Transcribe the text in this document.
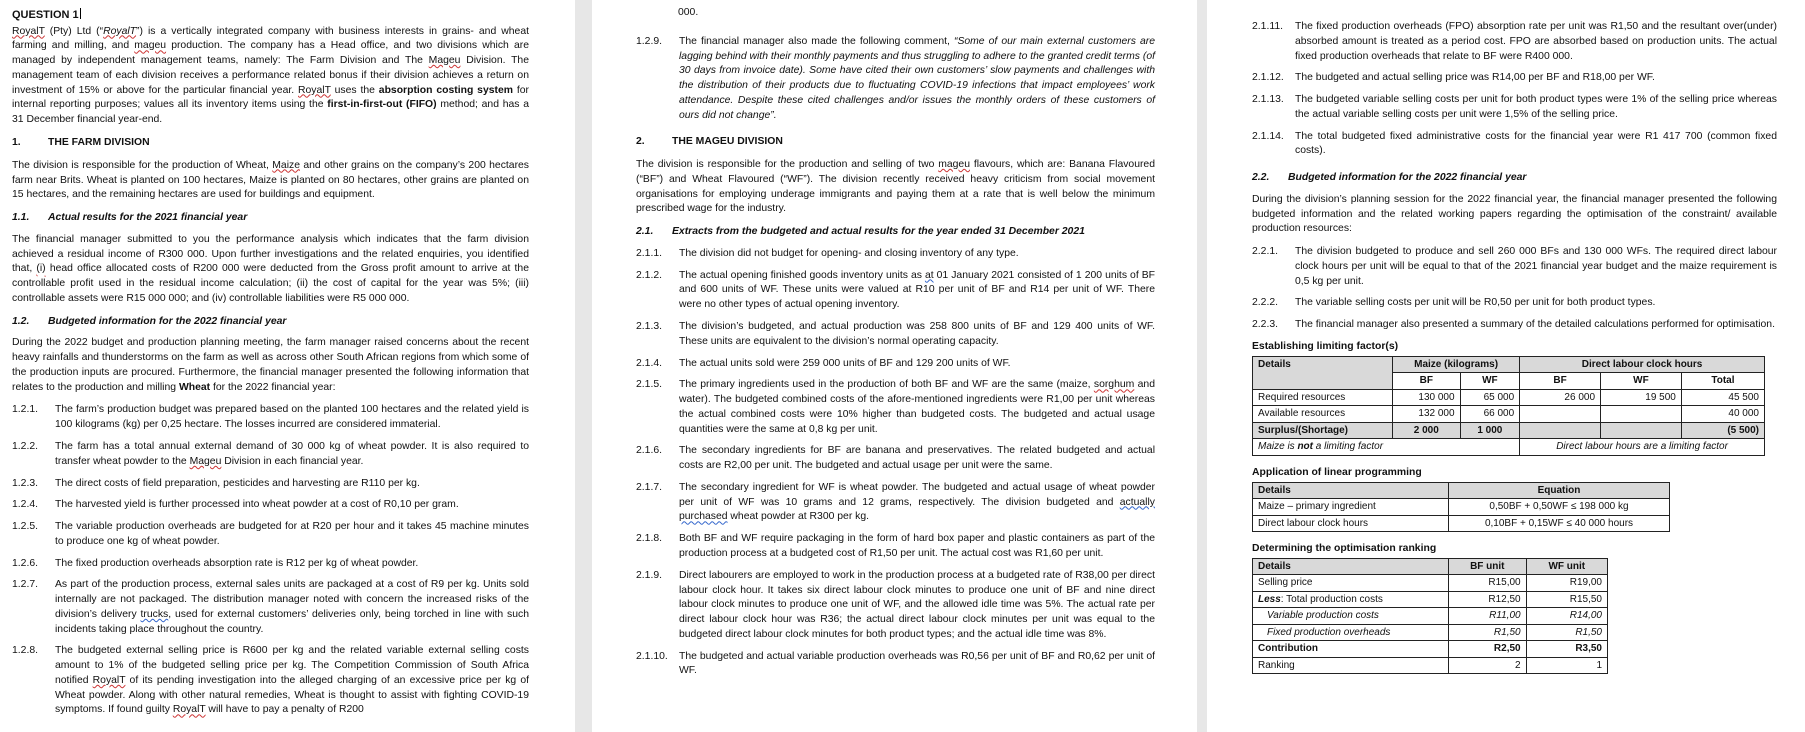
QUESTION 1

RoyalT (Pty) Ltd (“RoyalT”) is a vertically integrated company with business interests in grains- and wheat farming and milling, and mageu production. The company has a Head office, and two divisions which are managed by independent management teams, namely: The Farm Division and The Mageu Division. The management team of each division receives a performance related bonus if their division achieves a return on investment of 15% or above for the particular financial year. RoyalT uses the absorption costing system for internal reporting purposes; values all its inventory items using the first-in-first-out (FIFO) method; and has a 31 December financial year-end.

1.	THE FARM DIVISION

The division is responsible for the production of Wheat, Maize and other grains on the company’s 200 hectares farm near Brits. Wheat is planted on 100 hectares, Maize is planted on 80 hectares, other grains are planted on 15 hectares, and the remaining hectares are used for buildings and equipment.

1.1.	Actual results for the 2021 financial year

The financial manager submitted to you the performance analysis which indicates that the farm division achieved a residual income of R300 000. Upon further investigations and the related enquiries, you identified that, (i) head office allocated costs of R200 000 were deducted from the Gross profit amount to arrive at the controllable profit used in the residual income calculation; (ii) the cost of capital for the year was 5%; (iii) controllable assets were R15 000 000; and (iv) controllable liabilities were R5 000 000.

1.2.	Budgeted information for the 2022 financial year

During the 2022 budget and production planning meeting, the farm manager raised concerns about the recent heavy rainfalls and thunderstorms on the farm as well as across other South African regions from which some of the production inputs are procured. Furthermore, the financial manager presented the following information that relates to the production and milling Wheat for the 2022 financial year:

1.2.1.	The farm’s production budget was prepared based on the planted 100 hectares and the related yield is 100 kilograms (kg) per 0,25 hectare. The losses incurred are considered immaterial.
1.2.2.	The farm has a total annual external demand of 30 000 kg of wheat powder. It is also required to transfer wheat powder to the Mageu Division in each financial year.
1.2.3.	The direct costs of field preparation, pesticides and harvesting are R110 per kg.
1.2.4.	The harvested yield is further processed into wheat powder at a cost of R0,10 per gram.
1.2.5.	The variable production overheads are budgeted for at R20 per hour and it takes 45 machine minutes to produce one kg of wheat powder.
1.2.6.	The fixed production overheads absorption rate is R12 per kg of wheat powder.
1.2.7.	As part of the production process, external sales units are packaged at a cost of R9 per kg. Units sold internally are not packaged. The distribution manager noted with concern the increased risks of the division’s delivery trucks, used for external customers’ deliveries only, being torched in line with such incidents taking place throughout the country.
1.2.8.	The budgeted external selling price is R600 per kg and the related variable external selling costs amount to 1% of the budgeted selling price per kg. The Competition Commission of South Africa notified RoyalT of its pending investigation into the alleged charging of an excessive price per kg of Wheat powder. Along with other natural remedies, Wheat is thought to assist with fighting COVID-19 symptoms. If found guilty RoyalT will have to pay a penalty of R200
000.
1.2.9.	The financial manager also made the following comment, “Some of our main external customers are lagging behind with their monthly payments and thus struggling to adhere to the granted credit terms (of 30 days from invoice date). Some have cited their own customers’ slow payments and challenges with the distribution of their products due to fluctuating COVID-19 infections that impact employees’ work attendance. Despite these cited challenges and/or issues the monthly orders of these customers of ours did not change”.
2.	THE MAGEU DIVISION

The division is responsible for the production and selling of two mageu flavours, which are: Banana Flavoured (“BF”) and Wheat Flavoured (“WF”). The division recently received heavy criticism from social movement organisations for employing underage immigrants and paying them at a rate that is well below the minimum prescribed wage for the industry.

2.1.	Extracts from the budgeted and actual results for the year ended 31 December 2021
2.1.1.	The division did not budget for opening- and closing inventory of any type.
2.1.2.	The actual opening finished goods inventory units as at 01 January 2021 consisted of 1 200 units of BF and 600 units of WF. These units were valued at R10 per unit of BF and R14 per unit of WF. There were no other types of actual opening inventory.
2.1.3.	The division’s budgeted, and actual production was 258 800 units of BF and 129 400 units of WF. These units are equivalent to the division’s normal operating capacity.
2.1.4.	The actual units sold were 259 000 units of BF and 129 200 units of WF.
2.1.5.	The primary ingredients used in the production of both BF and WF are the same (maize, sorghum and water). The budgeted combined costs of the afore-mentioned ingredients were R1,00 per unit whereas the actual combined costs were 10% higher than budgeted costs. The budgeted and actual usage quantities were the same at 0,8 kg per unit.
2.1.6.	The secondary ingredients for BF are banana and preservatives. The related budgeted and actual costs are R2,00 per unit. The budgeted and actual usage per unit were the same.
2.1.7.	The secondary ingredient for WF is wheat powder. The budgeted and actual usage of wheat powder per unit of WF was 10 grams and 12 grams, respectively. The division budgeted and actually purchased wheat powder at R300 per kg.
2.1.8.	Both BF and WF require packaging in the form of hard box paper and plastic containers as part of the production process at a budgeted cost of R1,50 per unit. The actual cost was R1,60 per unit.
2.1.9.	Direct labourers are employed to work in the production process at a budgeted rate of R38,00 per direct labour clock hour. It takes six direct labour clock minutes to produce one unit of BF and nine direct labour clock minutes to produce one unit of WF, and the allowed idle time was 5%. The actual rate per direct labour clock hour was R36; the actual direct labour clock minutes per unit was equal to the budgeted direct labour clock minutes for both product types; and the actual idle time was 8%.
2.1.10.	The budgeted and actual variable production overheads was R0,56 per unit of BF and R0,62 per unit of WF.
2.1.11.	The fixed production overheads (FPO) absorption rate per unit was R1,50 and the resultant over(under) absorbed amount is treated as a period cost. FPO are absorbed based on production units. The actual fixed production overheads that relate to BF were R400 000.
2.1.12.	The budgeted and actual selling price was R14,00 per BF and R18,00 per WF.
2.1.13.	The budgeted variable selling costs per unit for both product types were 1% of the selling price whereas the actual variable selling costs per unit were 1,5% of the selling price.
2.1.14.	The total budgeted fixed administrative costs for the financial year were R1 417 700 (common fixed costs).
2.2.	Budgeted information for the 2022 financial year

During the division’s planning session for the 2022 financial year, the financial manager presented the following budgeted information and the related working papers regarding the optimisation of the constraint/ available production resources:

2.2.1.	The division budgeted to produce and sell 260 000 BFs and 130 000 WFs. The required direct labour clock hours per unit will be equal to that of the 2021 financial year budget and the maize requirement is 0,5 kg per unit.
2.2.2.	The variable selling costs per unit will be R0,50 per unit for both product types.
2.2.3.	The financial manager also presented a summary of the detailed calculations performed for optimisation.
Establishing limiting factor(s)
Details	Maize (kilograms)		Direct labour clock hours		
	BF	WF	BF	WF	Total
Required resources	130 000	65 000	26 000	19 500	45 500
Available resources	132 000	66 000			40 000
Surplus/(Shortage)	2 000	1 000			(5 500)
Maize is not a limiting factor			Direct labour hours are a limiting factor		
Application of linear programming
Details	Equation
Maize – primary ingredient	0,50BF + 0,50WF ≤ 198 000 kg
Direct labour clock hours	0,10BF + 0,15WF ≤ 40 000 hours
Determining the optimisation ranking
Details	BF unit	WF unit
Selling price	R15,00	R19,00
Less: Total production costs	R12,50	R15,50
Variable production costs	R11,00	R14,00
Fixed production overheads	R1,50	R1,50
Contribution	R2,50	R3,50
Ranking	2	1
